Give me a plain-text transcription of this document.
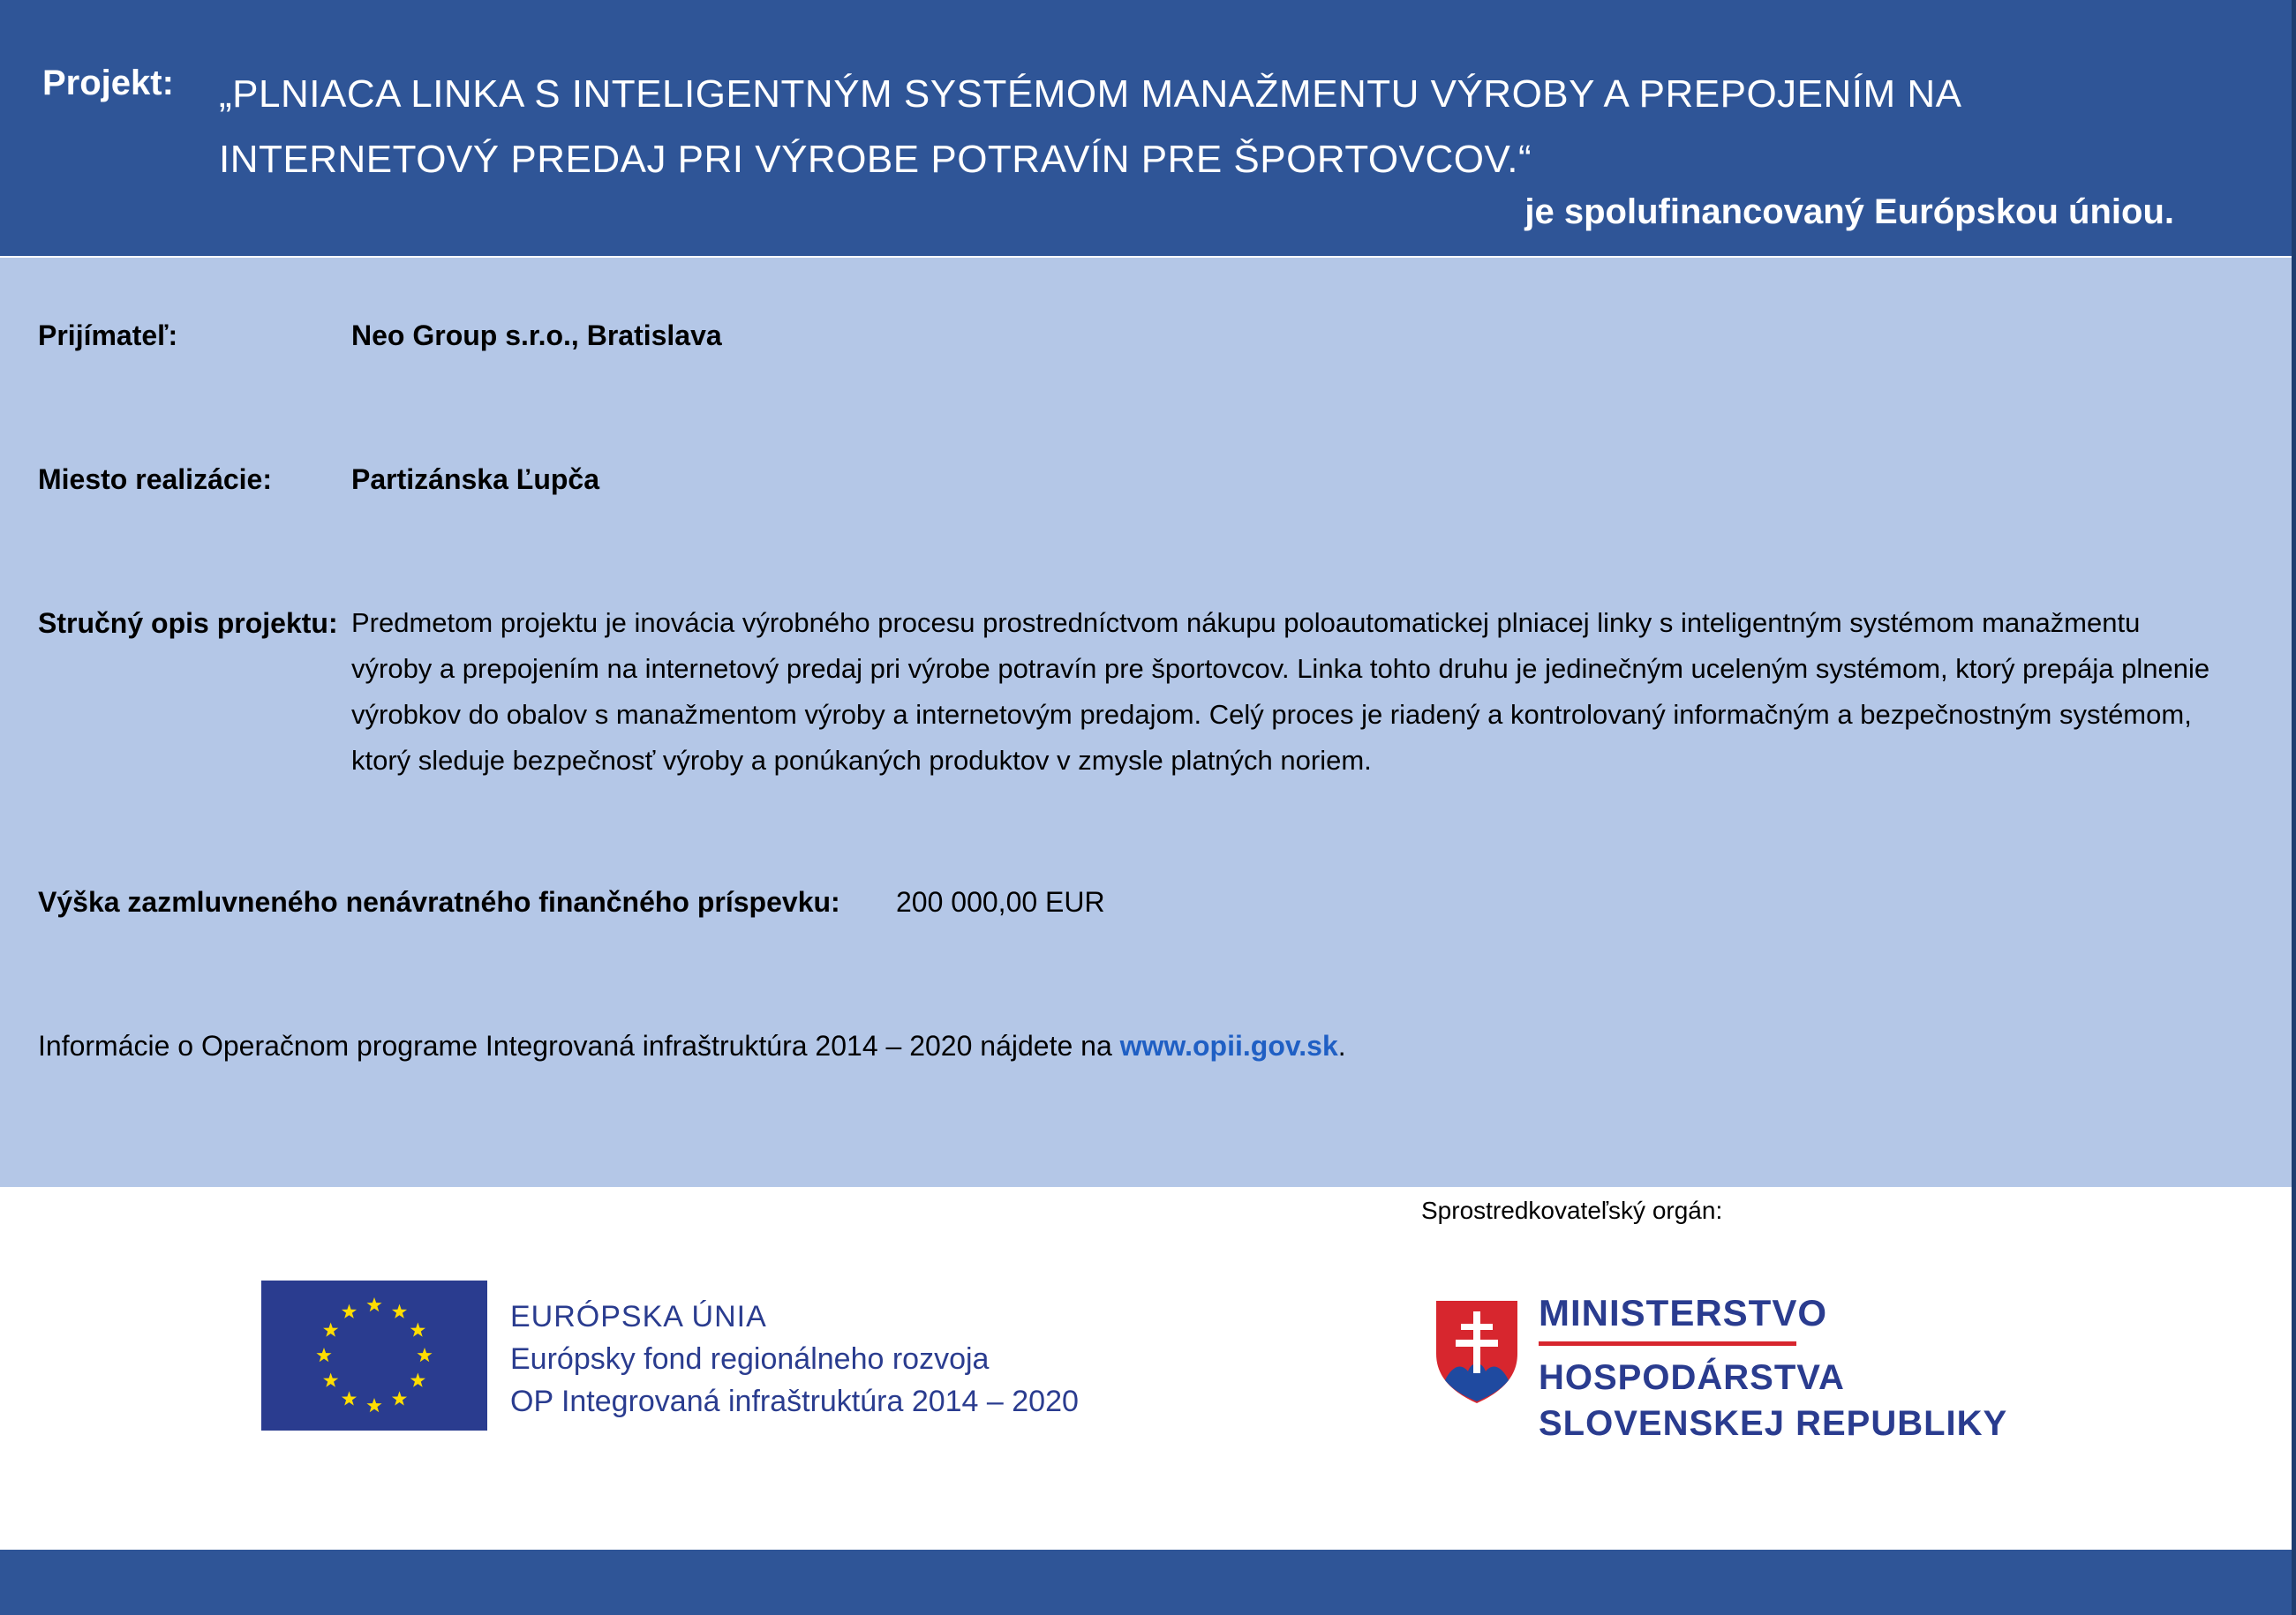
Projekt: „PLNIACA LINKA S INTELIGENTNÝM SYSTÉMOM MANAŽMENTU VÝROBY A PREPOJENÍM NA
INTERNETOVÝ PREDAJ PRI VÝROBE POTRAVÍN PRE ŠPORTOVCOV.“
je spolufinancovaný Európskou úniou.
Prijímateľ:	Neo Group s.r.o., Bratislava
Miesto realizácie:	Partizánska Ľupča
Stručný opis projektu: Predmetom projektu je inovácia výrobného procesu prostredníctvom nákupu poloautomatickej plniacej linky s inteligentným systémom manažmentu výroby a prepojením na internetový predaj pri výrobe potravín pre športovcov. Linka tohto druhu je jedinečným uceleným systémom, ktorý prepája plnenie výrobkov do obalov s manažmentom výroby a internetovým predajom. Celý proces je riadený a kontrolovaný informačným a bezpečnostným systémom, ktorý sleduje bezpečnosť výroby a ponúkaných produktov v zmysle platných noriem.
Výška zazmluvneného nenávratného finančného príspevku: 200 000,00 EUR
Informácie o Operačnom programe Integrovaná infraštruktúra 2014 – 2020 nájdete na www.opii.gov.sk.
Sprostredkovateľský orgán:
EURÓPSKA ÚNIA
Európsky fond regionálneho rozvoja
OP Integrovaná infraštruktúra 2014 – 2020
MINISTERSTVO
HOSPODÁRSTVA
SLOVENSKEJ REPUBLIKY
